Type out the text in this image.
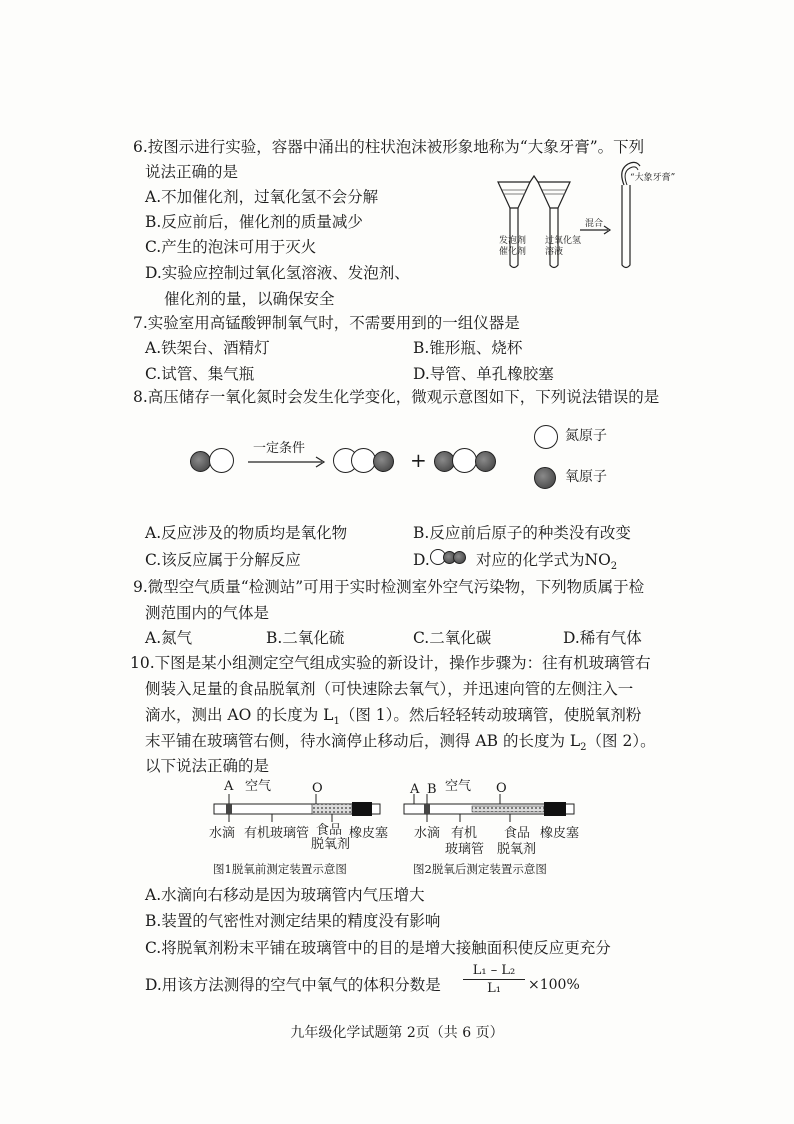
6.按图示进行实验，容器中涌出的柱状泡沫被形象地称为“大象牙膏”。下列
说法正确的是
A.不加催化剂，过氧化氢不会分解
B.反应前后，催化剂的质量减少
C.产生的泡沫可用于灭火
D.实验应控制过氧化氢溶液、发泡剂、
催化剂的量，以确保安全
发泡剂
催化剂
过氧化氢
溶液
混合
“大象牙膏”
7.实验室用高锰酸钾制氧气时，不需要用到的一组仪器是
A.铁架台、酒精灯	B.锥形瓶、烧杯
C.试管、集气瓶	D.导管、单孔橡胶塞
8.高压储存一氧化氮时会发生化学变化，微观示意图如下，下列说法错误的是
一定条件	+
氮原子
氧原子
A.反应涉及的物质均是氧化物	B.反应前后原子的种类没有改变
C.该反应属于分解反应	D.	对应的化学式为$NO_2$
9.微型空气质量“检测站”可用于实时检测室外空气污染物，下列物质属于检
测范围内的气体是
A.氮气	B.二氧化硫	C.二氧化碳	D.稀有气体
10.下图是某小组测定空气组成实验的新设计，操作步骤为：往有机玻璃管右
侧装入足量的食品脱氧剂（可快速除去氧气），并迅速向管的左侧注入一
滴水，测出 AO 的长度为 $L_1$（图 1）。然后轻轻转动玻璃管，使脱氧剂粉
末平铺在玻璃管右侧，待水滴停止移动后，测得 AB 的长度为 $L_2$（图 2）。
以下说法正确的是
A 空气	O
水滴 有机玻璃管 食品
脱氧剂
橡皮塞
图1脱氧前测定装置示意图
A B 空气 O
水滴 有机
玻璃管
食品
脱氧剂
橡皮塞
图2脱氧后测定装置示意图
A.水滴向右移动是因为玻璃管内气压增大
B.装置的气密性对测定结果的精度没有影响
C.将脱氧剂粉末平铺在玻璃管中的目的是增大接触面积使反应更充分
D.用该方法测得的空气中氧气的体积分数是
L₁ – L₂
L₁	×100%
九年级化学试题第 2页（共 6 页）
